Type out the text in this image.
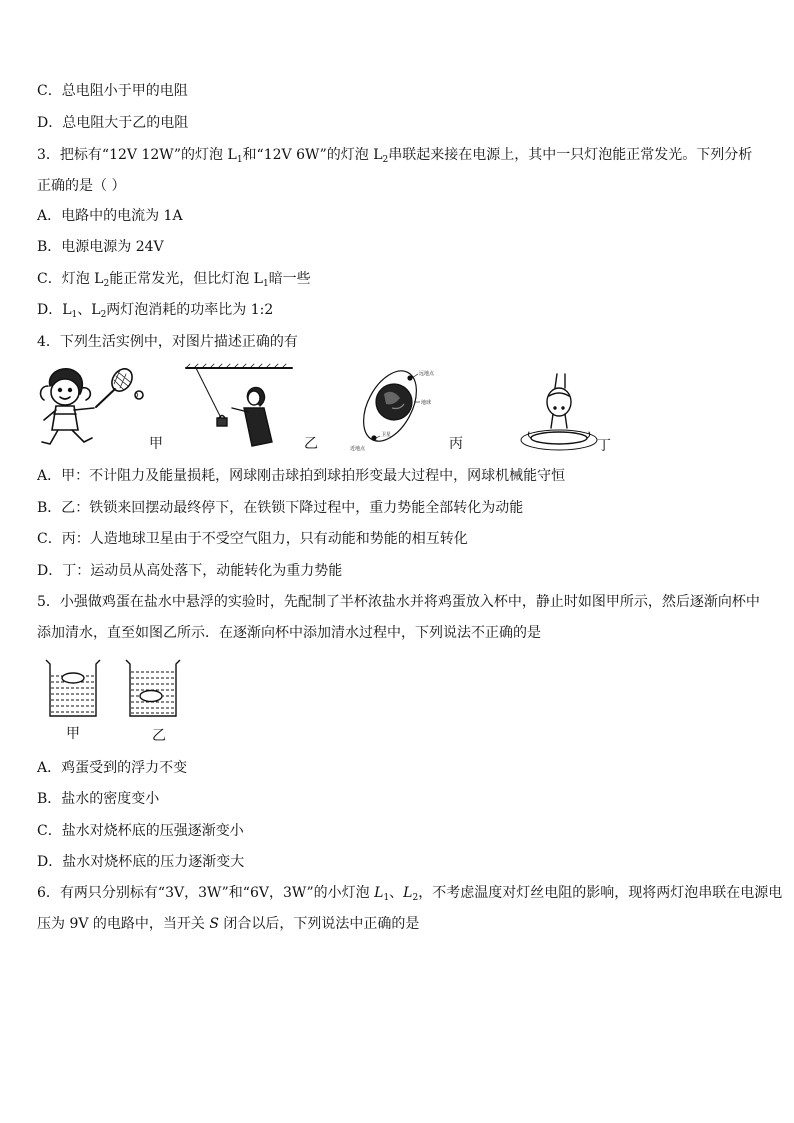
C．总电阻小于甲的电阻
D．总电阻大于乙的电阻
3．把标有“12V 12W”的灯泡 $L_1$和“12V 6W”的灯泡 $L_2$串联起来接在电源上，其中一只灯泡能正常发光。下列分析
正确的是（ ）
A．电路中的电流为 1A
B．电源电源为 24V
C．灯泡 $L_2$能正常发光，但比灯泡 $L_1$暗一些
D．$L_1$、$L_2$两灯泡消耗的功率比为 1:2
4．下列生活实例中，对图片描述正确的有
甲	乙
远地点
地球
卫星
近地点	丙	丁
A．甲：不计阻力及能量损耗，网球刚击球拍到球拍形变最大过程中，网球机械能守恒
B．乙：铁锁来回摆动最终停下，在铁锁下降过程中，重力势能全部转化为动能
C．丙：人造地球卫星由于不受空气阻力，只有动能和势能的相互转化
D．丁：运动员从高处落下，动能转化为重力势能
5．小强做鸡蛋在盐水中悬浮的实验时，先配制了半杯浓盐水并将鸡蛋放入杯中，静止时如图甲所示，然后逐渐向杯中
添加清水，直至如图乙所示．在逐渐向杯中添加清水过程中，下列说法不正确的是
甲	乙
A．鸡蛋受到的浮力不变
B．盐水的密度变小
C．盐水对烧杯底的压强逐渐变小
D．盐水对烧杯底的压力逐渐变大
6．有两只分别标有“3V，3W”和“6V，3W”的小灯泡 $L_1$、$L_2$，不考虑温度对灯丝电阻的影响，现将两灯泡串联在电源电
压为 9V 的电路中，当开关 S 闭合以后，下列说法中正确的是
